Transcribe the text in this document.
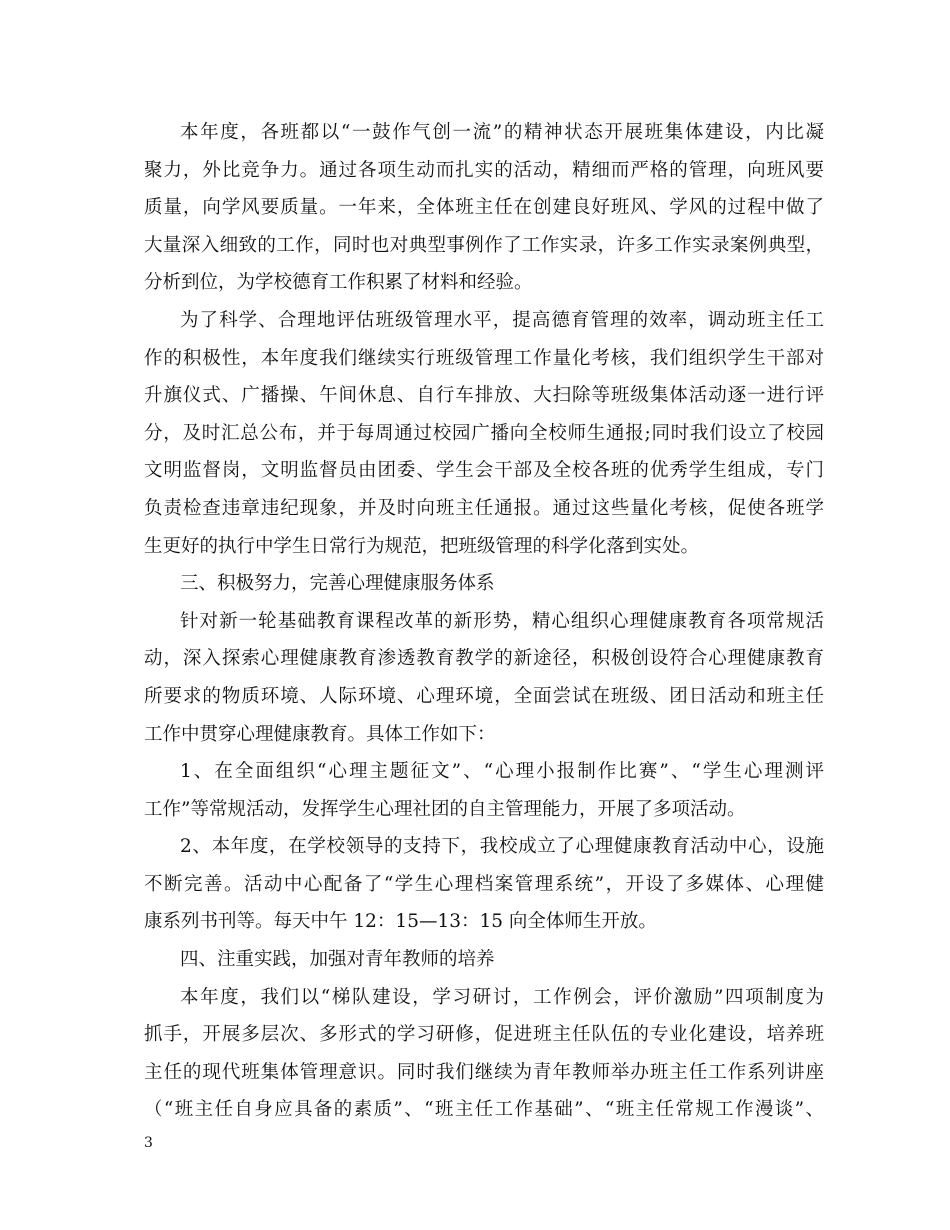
本年度，各班都以“一鼓作气创一流”的精神状态开展班集体建设，内比凝
聚力，外比竞争力。通过各项生动而扎实的活动，精细而严格的管理，向班风要
质量，向学风要质量。一年来，全体班主任在创建良好班风、学风的过程中做了
大量深入细致的工作，同时也对典型事例作了工作实录，许多工作实录案例典型，
分析到位，为学校德育工作积累了材料和经验。
为了科学、合理地评估班级管理水平，提高德育管理的效率，调动班主任工
作的积极性，本年度我们继续实行班级管理工作量化考核，我们组织学生干部对
升旗仪式、广播操、午间休息、自行车排放、大扫除等班级集体活动逐一进行评
分，及时汇总公布，并于每周通过校园广播向全校师生通报;同时我们设立了校园
文明监督岗，文明监督员由团委、学生会干部及全校各班的优秀学生组成，专门
负责检查违章违纪现象，并及时向班主任通报。通过这些量化考核，促使各班学
生更好的执行中学生日常行为规范，把班级管理的科学化落到实处。
三、积极努力，完善心理健康服务体系
针对新一轮基础教育课程改革的新形势，精心组织心理健康教育各项常规活
动，深入探索心理健康教育渗透教育教学的新途径，积极创设符合心理健康教育
所要求的物质环境、人际环境、心理环境，全面尝试在班级、团日活动和班主任
工作中贯穿心理健康教育。具体工作如下：
1、在全面组织“心理主题征文”、“心理小报制作比赛”、“学生心理测评
工作”等常规活动，发挥学生心理社团的自主管理能力，开展了多项活动。
2、本年度，在学校领导的支持下，我校成立了心理健康教育活动中心，设施
不断完善。活动中心配备了“学生心理档案管理系统”，开设了多媒体、心理健
康系列书刊等。每天中午 12：15—13：15 向全体师生开放。
四、注重实践，加强对青年教师的培养
本年度，我们以“梯队建设，学习研讨，工作例会，评价激励”四项制度为
抓手，开展多层次、多形式的学习研修，促进班主任队伍的专业化建设，培养班
主任的现代班集体管理意识。同时我们继续为青年教师举办班主任工作系列讲座
（“班主任自身应具备的素质”、“班主任工作基础”、“班主任常规工作漫谈”、
3
